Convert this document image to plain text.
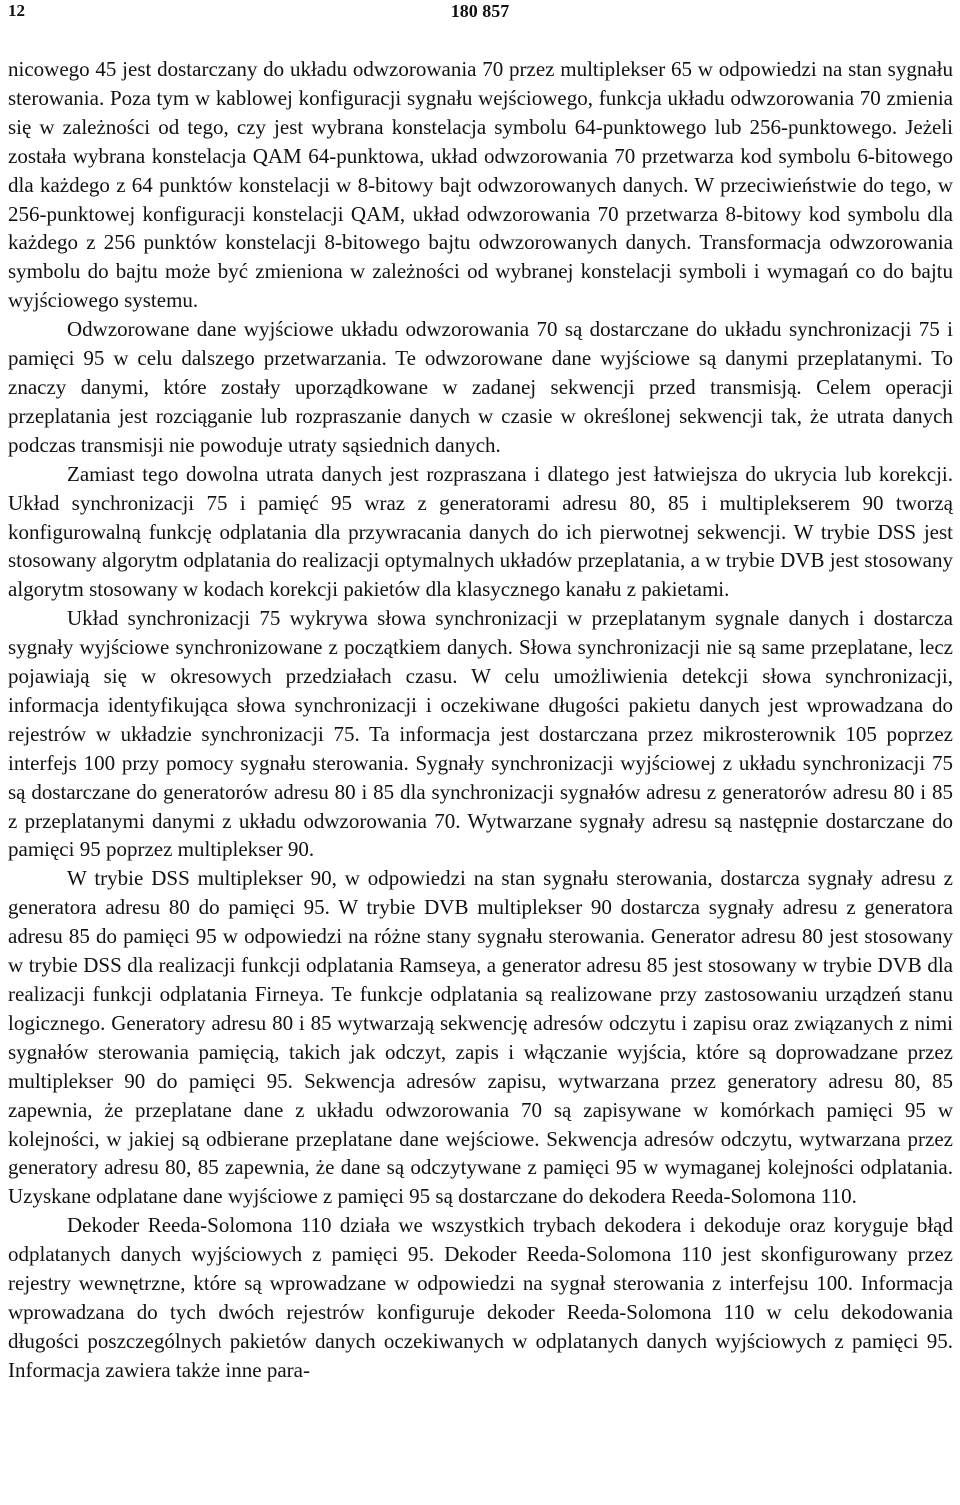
12	180 857

nicowego 45 jest dostarczany do układu odwzorowania 70 przez multiplekser 65 w odpowiedzi na stan sygnału sterowania. Poza tym w kablowej konfiguracji sygnału wejściowego, funkcja układu odwzorowania 70 zmienia się w zależności od tego, czy jest wybrana konstelacja symbolu 64-punktowego lub 256-punktowego. Jeżeli została wybrana konstelacja QAM 64-punktowa, układ odwzorowania 70 przetwarza kod symbolu 6-bitowego dla każdego z 64 punktów konstelacji w 8-bitowy bajt odwzorowanych danych. W przeciwieństwie do tego, w 256-punktowej konfiguracji konstelacji QAM, układ odwzorowania 70 przetwarza 8-bitowy kod symbolu dla każdego z 256 punktów konstelacji 8-bitowego bajtu odwzorowanych danych. Transformacja odwzorowania symbolu do bajtu może być zmieniona w zależności od wybranej konstelacji symboli i wymagań co do bajtu wyjściowego systemu.

Odwzorowane dane wyjściowe układu odwzorowania 70 są dostarczane do układu synchronizacji 75 i pamięci 95 w celu dalszego przetwarzania. Te odwzorowane dane wyjściowe są danymi przeplatanymi. To znaczy danymi, które zostały uporządkowane w zadanej sekwencji przed transmisją. Celem operacji przeplatania jest rozciąganie lub rozpraszanie danych w czasie w określonej sekwencji tak, że utrata danych podczas transmisji nie powoduje utraty sąsiednich danych.

Zamiast tego dowolna utrata danych jest rozpraszana i dlatego jest łatwiejsza do ukrycia lub korekcji. Układ synchronizacji 75 i pamięć 95 wraz z generatorami adresu 80, 85 i multiplekserem 90 tworzą konfigurowalną funkcję odplatania dla przywracania danych do ich pierwotnej sekwencji. W trybie DSS jest stosowany algorytm odplatania do realizacji optymalnych układów przeplatania, a w trybie DVB jest stosowany algorytm stosowany w kodach korekcji pakietów dla klasycznego kanału z pakietami.

Układ synchronizacji 75 wykrywa słowa synchronizacji w przeplatanym sygnale danych i dostarcza sygnały wyjściowe synchronizowane z początkiem danych. Słowa synchronizacji nie są same przeplatane, lecz pojawiają się w okresowych przedziałach czasu. W celu umożliwienia detekcji słowa synchronizacji, informacja identyfikująca słowa synchronizacji i oczekiwane długości pakietu danych jest wprowadzana do rejestrów w układzie synchronizacji 75. Ta informacja jest dostarczana przez mikrosterownik 105 poprzez interfejs 100 przy pomocy sygnału sterowania. Sygnały synchronizacji wyjściowej z układu synchronizacji 75 są dostarczane do generatorów adresu 80 i 85 dla synchronizacji sygnałów adresu z generatorów adresu 80 i 85 z przeplatanymi danymi z układu odwzorowania 70. Wytwarzane sygnały adresu są następnie dostarczane do pamięci 95 poprzez multiplekser 90.

W trybie DSS multiplekser 90, w odpowiedzi na stan sygnału sterowania, dostarcza sygnały adresu z generatora adresu 80 do pamięci 95. W trybie DVB multiplekser 90 dostarcza sygnały adresu z generatora adresu 85 do pamięci 95 w odpowiedzi na różne stany sygnału sterowania. Generator adresu 80 jest stosowany w trybie DSS dla realizacji funkcji odplatania Ramseya, a generator adresu 85 jest stosowany w trybie DVB dla realizacji funkcji odplatania Firneya. Te funkcje odplatania są realizowane przy zastosowaniu urządzeń stanu logicznego. Generatory adresu 80 i 85 wytwarzają sekwencję adresów odczytu i zapisu oraz związanych z nimi sygnałów sterowania pamięcią, takich jak odczyt, zapis i włączanie wyjścia, które są doprowadzane przez multiplekser 90 do pamięci 95. Sekwencja adresów zapisu, wytwarzana przez generatory adresu 80, 85 zapewnia, że przeplatane dane z układu odwzorowania 70 są zapisywane w komórkach pamięci 95 w kolejności, w jakiej są odbierane przeplatane dane wejściowe. Sekwencja adresów odczytu, wytwarzana przez generatory adresu 80, 85 zapewnia, że dane są odczytywane z pamięci 95 w wymaganej kolejności odplatania. Uzyskane odplatane dane wyjściowe z pamięci 95 są dostarczane do dekodera Reeda-Solomona 110.

Dekoder Reeda-Solomona 110 działa we wszystkich trybach dekodera i dekoduje oraz koryguje błąd odplatanych danych wyjściowych z pamięci 95. Dekoder Reeda-Solomona 110 jest skonfigurowany przez rejestry wewnętrzne, które są wprowadzane w odpowiedzi na sygnał sterowania z interfejsu 100. Informacja wprowadzana do tych dwóch rejestrów konfiguruje dekoder Reeda-Solomona 110 w celu dekodowania długości poszczególnych pakietów danych oczekiwanych w odplatanych danych wyjściowych z pamięci 95. Informacja zawiera także inne para-
